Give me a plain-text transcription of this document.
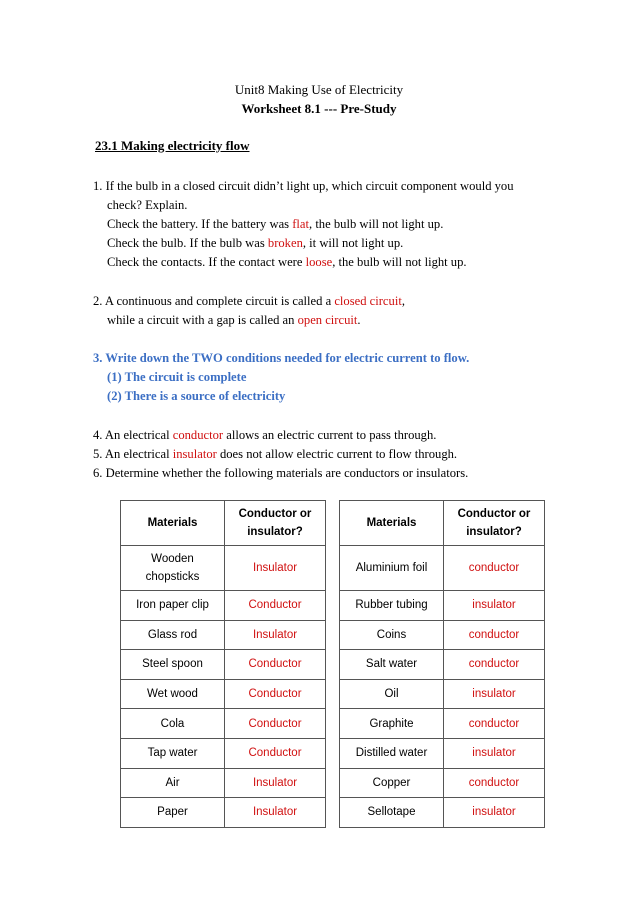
Unit8 Making Use of Electricity
Worksheet 8.1 --- Pre-Study
23.1 Making electricity flow
1. If the bulb in a closed circuit didn’t light up, which circuit component would you
check? Explain.
Check the battery. If the battery was flat, the bulb will not light up.
Check the bulb. If the bulb was broken, it will not light up.
Check the contacts. If the contact were loose, the bulb will not light up.
2. A continuous and complete circuit is called a closed circuit,
while a circuit with a gap is called an open circuit.
3. Write down the TWO conditions needed for electric current to flow.
(1) The circuit is complete
(2) There is a source of electricity
4. An electrical conductor allows an electric current to pass through.
5. An electrical insulator does not allow electric current to flow through.
6. Determine whether the following materials are conductors or insulators.
Materials	Conductor or
insulator?
Wooden
chopsticks	Insulator
Iron paper clip	Conductor
Glass rod	Insulator
Steel spoon	Conductor
Wet wood	Conductor
Cola	Conductor
Tap water	Conductor
Air	Insulator
Paper	Insulator
Materials	Conductor or
insulator?
Aluminium foil	conductor
Rubber tubing	insulator
Coins	conductor
Salt water	conductor
Oil	insulator
Graphite	conductor
Distilled water	insulator
Copper	conductor
Sellotape	insulator
